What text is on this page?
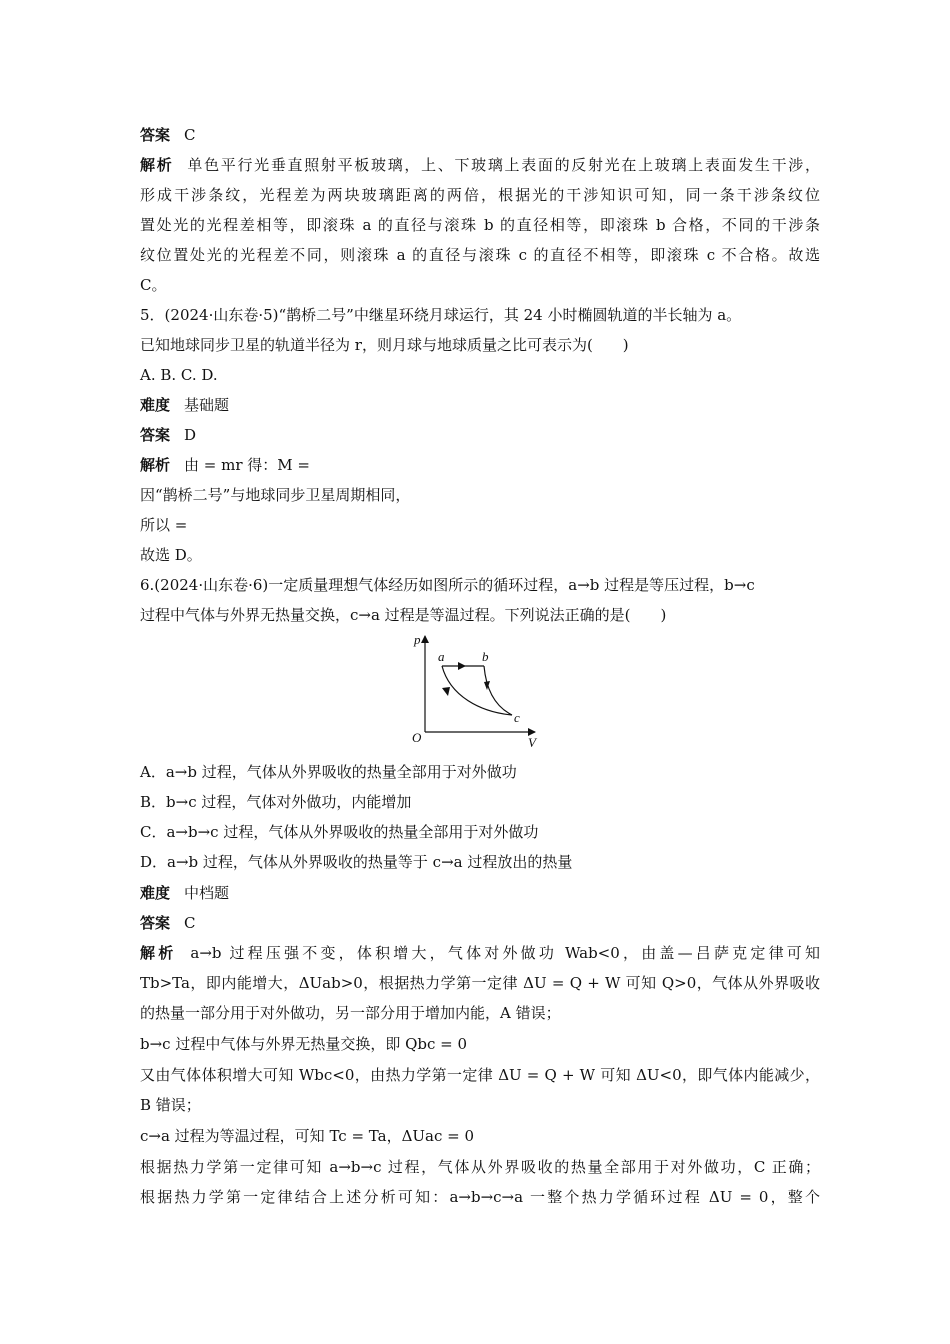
答案 C
解析 单色平行光垂直照射平板玻璃，上、下玻璃上表面的反射光在上玻璃上表面发生干涉，
形成干涉条纹，光程差为两块玻璃距离的两倍，根据光的干涉知识可知，同一条干涉条纹位
置处光的光程差相等，即滚珠 a 的直径与滚珠 b 的直径相等，即滚珠 b 合格，不同的干涉条
纹位置处光的光程差不同，则滚珠 a 的直径与滚珠 c 的直径不相等，即滚珠 c 不合格。故选
C。
5．(2024·山东卷·5)“鹊桥二号”中继星环绕月球运行，其 24 小时椭圆轨道的半长轴为 a。
已知地球同步卫星的轨道半径为 r，则月球与地球质量之比可表示为(　　)
A. B. C. D.
难度 基础题
答案 D
解析 由 = mr 得：M =
因“鹊桥二号”与地球同步卫星周期相同，
所以 =
故选 D。
6.(2024·山东卷·6)一定质量理想气体经历如图所示的循环过程，a→b 过程是等压过程，b→c
过程中气体与外界无热量交换，c→a 过程是等温过程。下列说法正确的是(　　)
p
V
O
a	b
c
A．a→b 过程，气体从外界吸收的热量全部用于对外做功
B．b→c 过程，气体对外做功，内能增加
C．a→b→c 过程，气体从外界吸收的热量全部用于对外做功
D．a→b 过程，气体从外界吸收的热量等于 c→a 过程放出的热量
难度 中档题
答案 C
解析 a→b 过程压强不变，体积增大，气体对外做功 Wab<0，由盖—吕萨克定律可知
Tb>Ta，即内能增大，ΔUab>0，根据热力学第一定律 ΔU = Q + W 可知 Q>0，气体从外界吸收
的热量一部分用于对外做功，另一部分用于增加内能，A 错误；
b→c 过程中气体与外界无热量交换，即 Qbc = 0
又由气体体积增大可知 Wbc<0，由热力学第一定律 ΔU = Q + W 可知 ΔU<0，即气体内能减少，
B 错误；
c→a 过程为等温过程，可知 Tc = Ta，ΔUac = 0
根据热力学第一定律可知 a→b→c 过程，气体从外界吸收的热量全部用于对外做功，C 正确；
根据热力学第一定律结合上述分析可知：a→b→c→a 一整个热力学循环过程 ΔU = 0，整个
